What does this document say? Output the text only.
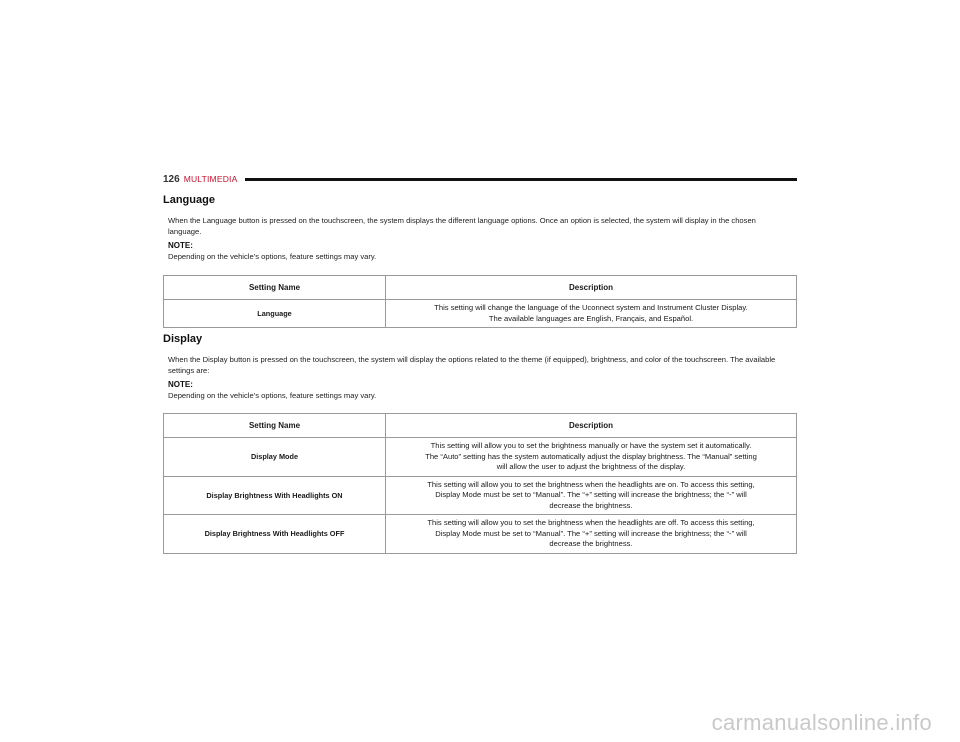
126 MULTIMEDIA
Language
When the Language button is pressed on the touchscreen, the system displays the different language options. Once an option is selected, the system will display in the chosen language.
NOTE:
Depending on the vehicle’s options, feature settings may vary.
Setting Name	Description
Language	This setting will change the language of the Uconnect system and Instrument Cluster Display.
The available languages are English, Français, and Español.
Display
When the Display button is pressed on the touchscreen, the system will display the options related to the theme (if equipped), brightness, and color of the touchscreen. The available settings are:
NOTE:
Depending on the vehicle’s options, feature settings may vary.
Setting Name	Description
Display Mode	This setting will allow you to set the brightness manually or have the system set it automatically.
The “Auto” setting has the system automatically adjust the display brightness. The “Manual” setting
will allow the user to adjust the brightness of the display.

Display Brightness With Headlights ON	This setting will allow you to set the brightness when the headlights are on. To access this setting,
Display Mode must be set to “Manual”. The “+” setting will increase the brightness; the “-” will
decrease the brightness.

Display Brightness With Headlights OFF	This setting will allow you to set the brightness when the headlights are off. To access this setting,
Display Mode must be set to “Manual”. The “+” setting will increase the brightness; the “-” will
decrease the brightness.
carmanualsonline.info
